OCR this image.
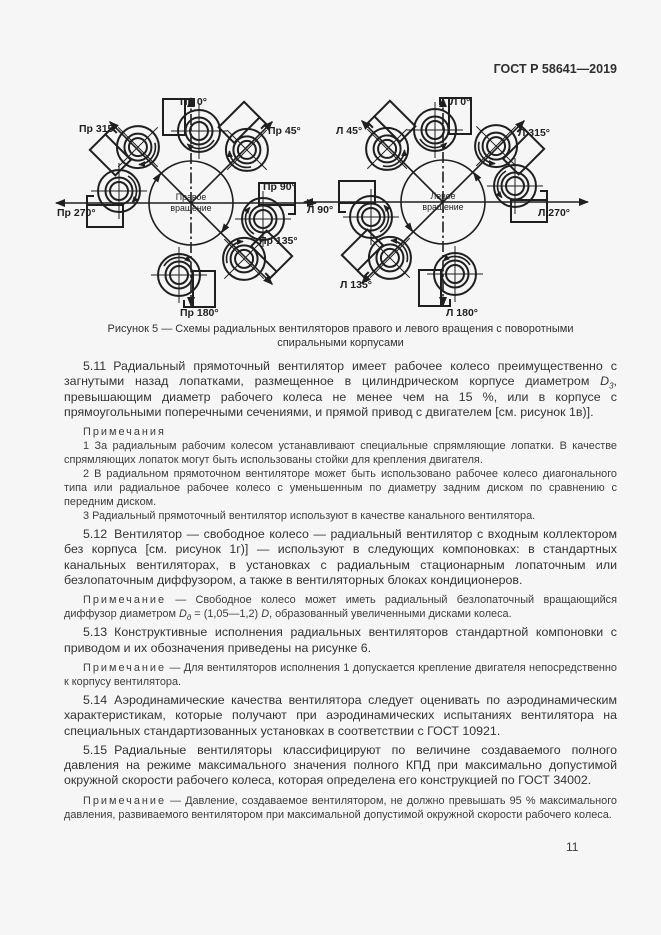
ГОСТ Р 58641—2019
Пр 0°
Пр 45°
Пр 90°
Пр 135°
Пр 180°
Пр 270°
Пр 315°
Правое
вращение
Л 0°
Л 45°
Л 90°
Л 135°
Л 180°
Л 270°
Л 315°
Левое
вращение
Рисунок 5 — Схемы радиальных вентиляторов правого и левого вращения с поворотными
спиральными корпусами

5.11 Радиальный прямоточный вентилятор имеет рабочее колесо преимущественно с загнутыми назад лопатками, размещенное в цилиндрическом корпусе диаметром $D_3$, превышающим диаметр рабочего колеса не менее чем на 15 %, или в корпусе с прямоугольными поперечными сечениями, и прямой привод с двигателем [см. рисунок 1в)].

Примечания

1 За радиальным рабочим колесом устанавливают специальные спрямляющие лопатки. В качестве спрямляющих лопаток могут быть использованы стойки для крепления двигателя.

2 В радиальном прямоточном вентиляторе может быть использовано рабочее колесо диагонального типа или радиальное рабочее колесо с уменьшенным по диаметру задним диском по сравнению с передним диском.

3 Радиальный прямоточный вентилятор используют в качестве канального вентилятора.

5.12 Вентилятор — свободное колесо — радиальный вентилятор с входным коллектором без корпуса [см. рисунок 1г)] — используют в следующих компоновках: в стандартных канальных вентиляторах, в установках с радиальным стационарным лопаточным или безлопаточным диффузором, а также в вентиляторных блоках кондиционеров.

Примечание — Свободное колесо может иметь радиальный безлопаточный вращающийся диффузор диаметром $D_д$ = (1,05—1,2) D, образованный увеличенными дисками колеса.

5.13 Конструктивные исполнения радиальных вентиляторов стандартной компоновки с приводом и их обозначения приведены на рисунке 6.

Примечание — Для вентиляторов исполнения 1 допускается крепление двигателя непосредственно к корпусу вентилятора.

5.14 Аэродинамические качества вентилятора следует оценивать по аэродинамическим характеристикам, которые получают при аэродинамических испытаниях вентилятора на специальных стандартизованных установках в соответствии с ГОСТ 10921.

5.15 Радиальные вентиляторы классифицируют по величине создаваемого полного давления на режиме максимального значения полного КПД при максимально допустимой окружной скорости рабочего колеса, которая определена его конструкцией по ГОСТ 34002.

Примечание — Давление, создаваемое вентилятором, не должно превышать 95 % максимального давления, развиваемого вентилятором при максимальной допустимой окружной скорости рабочего колеса.

11
